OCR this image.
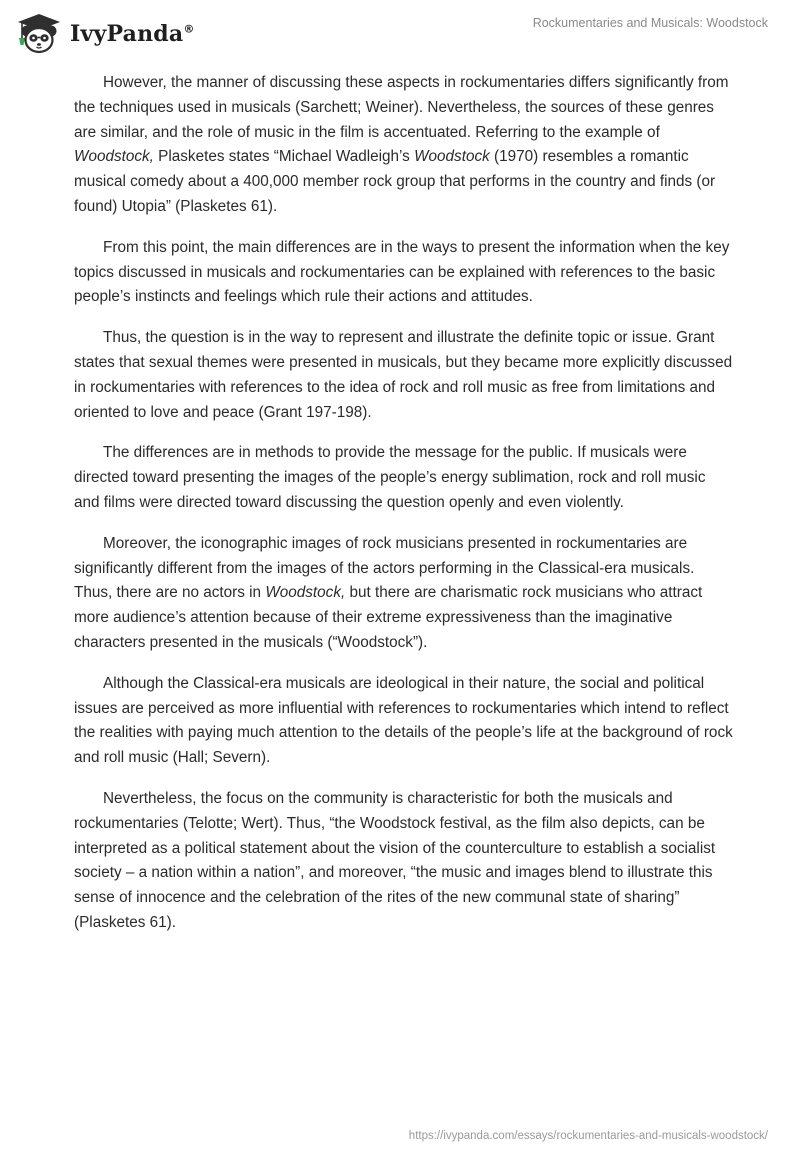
IvyPanda®	Rockumentaries and Musicals: Woodstock

However, the manner of discussing these aspects in rockumentaries differs significantly from the techniques used in musicals (Sarchett; Weiner). Nevertheless, the sources of these genres are similar, and the role of music in the film is accentuated. Referring to the example of Woodstock, Plasketes states “Michael Wadleigh’s Woodstock (1970) resembles a romantic musical comedy about a 400,000 member rock group that performs in the country and finds (or found) Utopia” (Plasketes 61).

From this point, the main differences are in the ways to present the information when the key topics discussed in musicals and rockumentaries can be explained with references to the basic people’s instincts and feelings which rule their actions and attitudes.

Thus, the question is in the way to represent and illustrate the definite topic or issue. Grant states that sexual themes were presented in musicals, but they became more explicitly discussed in rockumentaries with references to the idea of rock and roll music as free from limitations and oriented to love and peace (Grant 197-198).

The differences are in methods to provide the message for the public. If musicals were directed toward presenting the images of the people’s energy sublimation, rock and roll music and films were directed toward discussing the question openly and even violently.

Moreover, the iconographic images of rock musicians presented in rockumentaries are significantly different from the images of the actors performing in the Classical-era musicals. Thus, there are no actors in Woodstock, but there are charismatic rock musicians who attract more audience’s attention because of their extreme expressiveness than the imaginative characters presented in the musicals (“Woodstock”).

Although the Classical-era musicals are ideological in their nature, the social and political issues are perceived as more influential with references to rockumentaries which intend to reflect the realities with paying much attention to the details of the people’s life at the background of rock and roll music (Hall; Severn).

Nevertheless, the focus on the community is characteristic for both the musicals and rockumentaries (Telotte; Wert). Thus, “the Woodstock festival, as the film also depicts, can be interpreted as a political statement about the vision of the counterculture to establish a socialist society – a nation within a nation”, and moreover, “the music and images blend to illustrate this sense of innocence and the celebration of the rites of the new communal state of sharing” (Plasketes 61).

https://ivypanda.com/essays/rockumentaries-and-musicals-woodstock/
